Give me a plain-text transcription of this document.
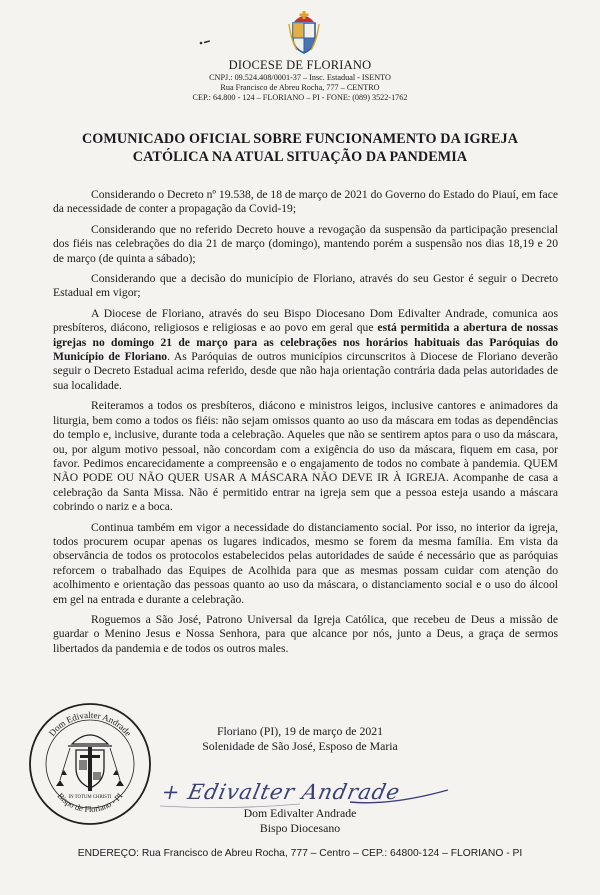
DIOCESE DE FLORIANO
CNPJ.: 09.524.408/0001-37 – Insc. Estadual - ISENTO
Rua Francisco de Abreu Rocha, 777 – CENTRO
CEP.: 64.800 - 124 – FLORIANO – PI - FONE: (089) 3522-1762
COMUNICADO OFICIAL SOBRE FUNCIONAMENTO DA IGREJA
CATÓLICA NA ATUAL SITUAÇÃO DA PANDEMIA

Considerando o Decreto nº 19.538, de 18 de março de 2021 do Governo do Estado do Piauí, em face da necessidade de conter a propagação da Covid-19;

Considerando que no referido Decreto houve a revogação da suspensão da participação presencial dos fiéis nas celebrações do dia 21 de março (domingo), mantendo porém a suspensão nos dias 18,19 e 20 de março (de quinta a sábado);

Considerando que a decisão do município de Floriano, através do seu Gestor é seguir o Decreto Estadual em vigor;

A Diocese de Floriano, através do seu Bispo Diocesano Dom Edivalter Andrade, comunica aos presbíteros, diácono, religiosos e religiosas e ao povo em geral que está permitida a abertura de nossas igrejas no domingo 21 de março para as celebrações nos horários habituais das Paróquias do Município de Floriano. As Paróquias de outros municípios circunscritos à Diocese de Floriano deverão seguir o Decreto Estadual acima referido, desde que não haja orientação contrária dada pelas autoridades de sua localidade.

Reiteramos a todos os presbíteros, diácono e ministros leigos, inclusive cantores e animadores da liturgia, bem como a todos os fiéis: não sejam omissos quanto ao uso da máscara em todas as dependências do templo e, inclusive, durante toda a celebração. Aqueles que não se sentirem aptos para o uso da máscara, ou, por algum motivo pessoal, não concordam com a exigência do uso da máscara, fiquem em casa, por favor. Pedimos encarecidamente a compreensão e o engajamento de todos no combate à pandemia. QUEM NÃO PODE OU NÃO QUER USAR A MÁSCARA NÃO DEVE IR À IGREJA. Acompanhe de casa a celebração da Santa Missa. Não é permitido entrar na igreja sem que a pessoa esteja usando a máscara cobrindo o nariz e a boca.

Continua também em vigor a necessidade do distanciamento social. Por isso, no interior da igreja, todos procurem ocupar apenas os lugares indicados, mesmo se forem da mesma família. Em vista da observância de todos os protocolos estabelecidos pelas autoridades de saúde é necessário que as paróquias reforcem o trabalhado das Equipes de Acolhida para que as mesmas possam cuidar com atenção do acolhimento e orientação das pessoas quanto ao uso da máscara, o distanciamento social e o uso do álcool em gel na entrada e durante a celebração.

Roguemos a São José, Patrono Universal da Igreja Católica, que recebeu de Deus a missão de guardar o Menino Jesus e Nossa Senhora, para que alcance por nós, junto a Deus, a graça de sermos libertados da pandemia e de todos os outros males.

Dom Edivalter Andrade
Bispo de Floriano - PI
IN TOTUM CHRISTI
Floriano (PI), 19 de março de 2021
Solenidade de São José, Esposo de Maria
+ Edivalter Andrade
Dom Edivalter Andrade
Bispo Diocesano
ENDEREÇO: Rua Francisco de Abreu Rocha, 777 – Centro – CEP.: 64800-124 – FLORIANO - PI
